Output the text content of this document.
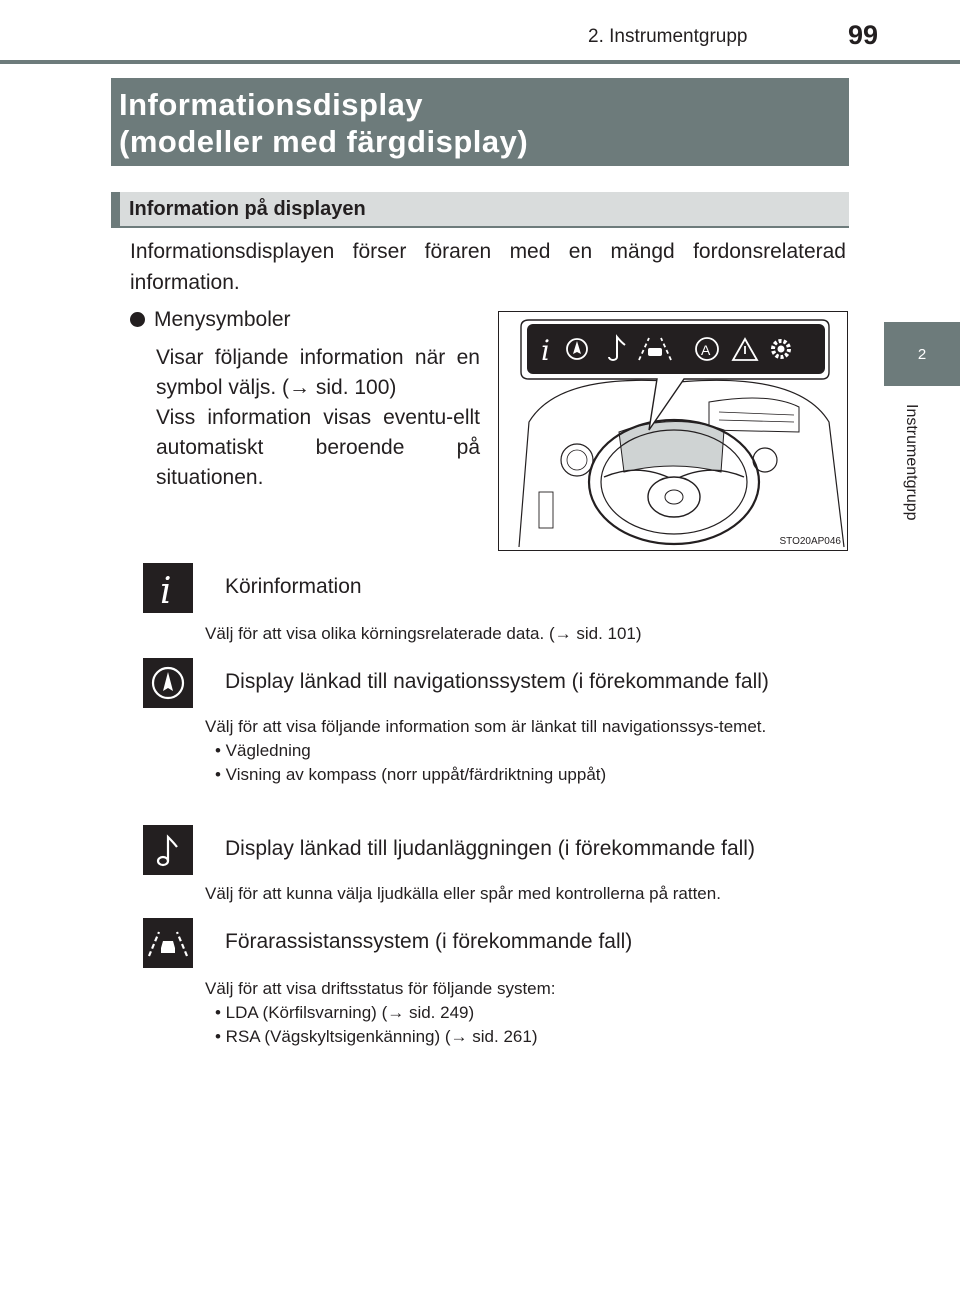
2. Instrumentgrupp	99
2
Instrumentgrupp
Informationsdisplay
(modeller med färgdisplay)
Information på displayen
Informationsdisplayen förser föraren med en mängd fordonsrelaterad information.
Menysymboler

Visar följande information när en symbol väljs. (→ sid. 100)

Viss information visas eventu-ellt automatiskt beroende på situationen.

i	A
STO20AP046
i	Körinformation
Välj för att visa olika körningsrelaterade data. (→ sid. 101)
Display länkad till navigationssystem (i förekommande fall)

Välj för att visa följande information som är länkat till navigationssys-temet.

• Vägledning

• Visning av kompass (norr uppåt/färdriktning uppåt)

Display länkad till ljudanläggningen (i förekommande fall)
Välj för att kunna välja ljudkälla eller spår med kontrollerna på ratten.
Förarassistanssystem (i förekommande fall)

Välj för att visa driftsstatus för följande system:

• LDA (Körfilsvarning) (→ sid. 249)

• RSA (Vägskyltsigenkänning) (→ sid. 261)
